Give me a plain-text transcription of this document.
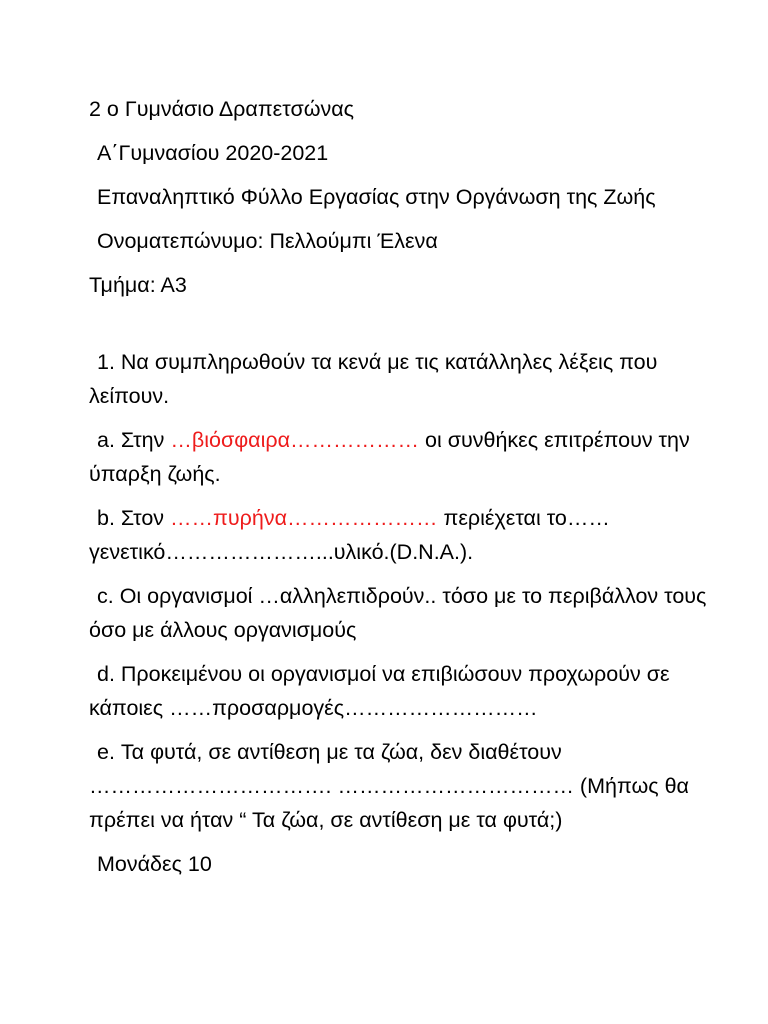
2 ο Γυμνάσιο Δραπετσώνας

Α΄Γυμνασίου 2020-2021

Επαναληπτικό Φύλλο Εργασίας στην Οργάνωση της Ζωής

Ονοματεπώνυμο: Πελλούμπι Έλενα

Τμήμα: Α3

1. Να συμπληρωθούν τα κενά με τις κατάλληλες λέξεις που λείπουν.

a. Στην …βιόσφαιρα……………… οι συνθήκες επιτρέπουν την ύπαρξη ζωής.

b. Στον ……πυρήνα………………… περιέχεται το…… γενετικό…………………...υλικό.(D.N.A.).

c. Οι οργανισμοί …αλληλεπιδρούν.. τόσο με το περιβάλλον τους όσο με άλλους οργανισμούς

d. Προκειμένου οι οργανισμοί να επιβιώσουν προχωρούν σε κάποιες ……προσαρμογές………………………

e. Τα φυτά, σε αντίθεση με τα ζώα, δεν διαθέτουν ……………………………. …………………………… (Μήπως θα πρέπει να ήταν “ Τα ζώα, σε αντίθεση με τα φυτά;)

Μονάδες 10
